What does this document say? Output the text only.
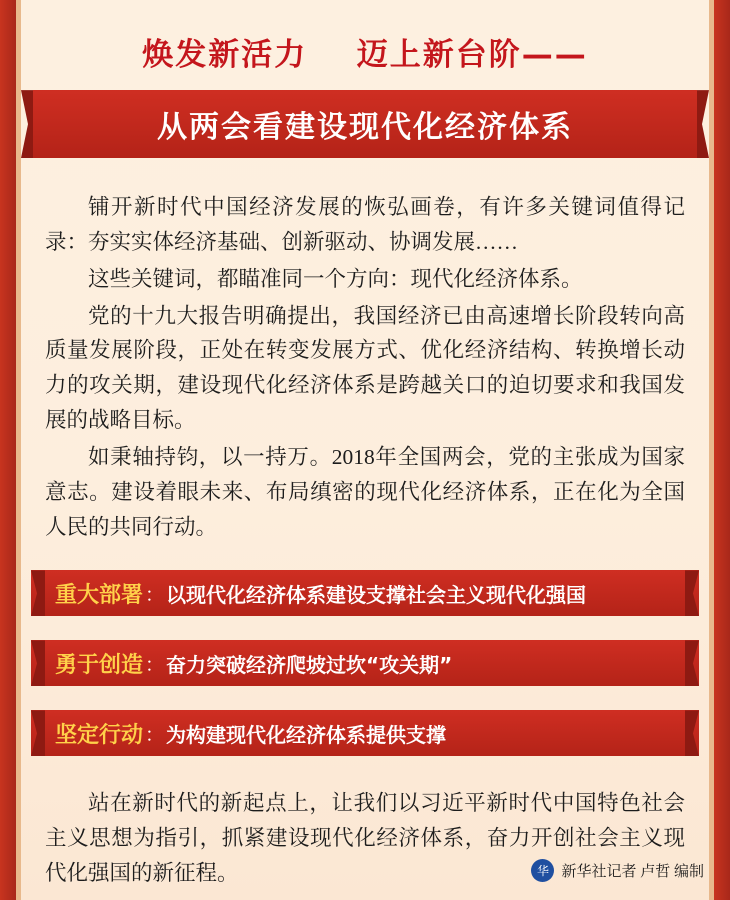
焕发新活力 迈上新台阶——
从两会看建设现代化经济体系

铺开新时代中国经济发展的恢弘画卷，有许多关键词值得记录：夯实实体经济基础、创新驱动、协调发展……

这些关键词，都瞄准同一个方向：现代化经济体系。

党的十九大报告明确提出，我国经济已由高速增长阶段转向高质量发展阶段，正处在转变发展方式、优化经济结构、转换增长动力的攻关期，建设现代化经济体系是跨越关口的迫切要求和我国发展的战略目标。

如秉轴持钧，以一持万。2018年全国两会，党的主张成为国家意志。建设着眼未来、布局缜密的现代化经济体系，正在化为全国人民的共同行动。

重大部署 ： 以现代化经济体系建设支撑社会主义现代化强国
勇于创造 ： 奋力突破经济爬坡过坎“攻关期”
坚定行动 ： 为构建现代化经济体系提供支撑

站在新时代的新起点上，让我们以习近平新时代中国特色社会主义思想为指引，抓紧建设现代化经济体系，奋力开创社会主义现代化强国的新征程。	华 新华社记者 卢哲 编制
